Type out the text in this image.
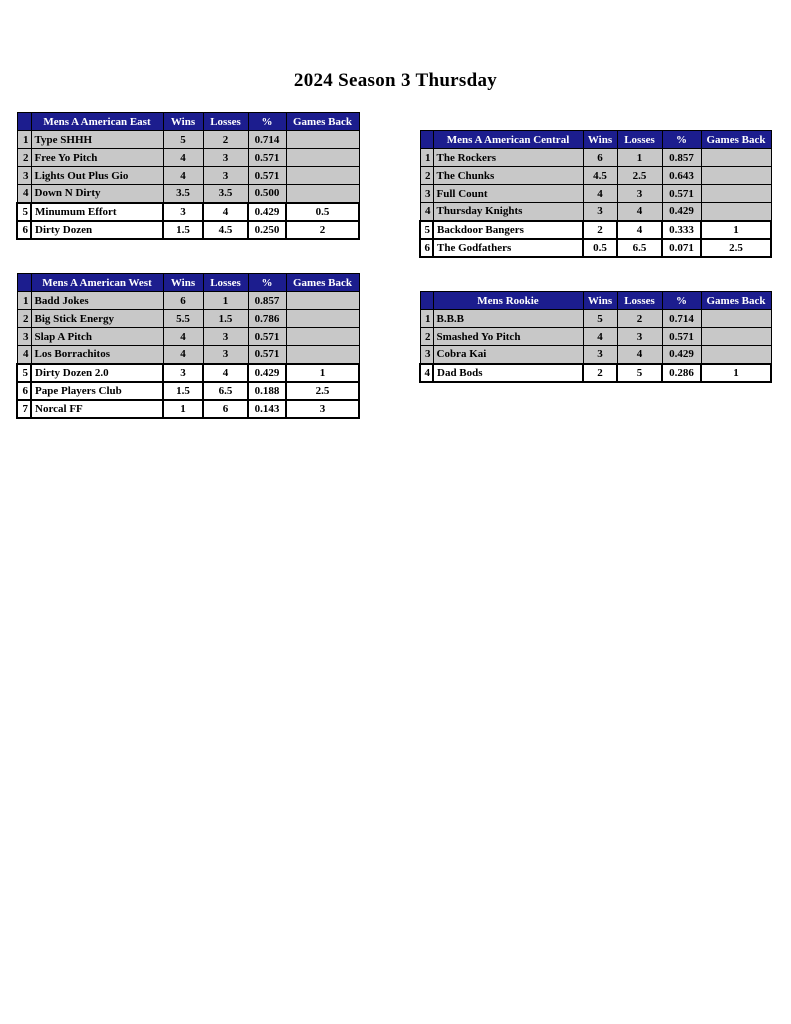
2024 Season 3 Thursday
	Mens A American East	Wins	Losses	%	Games Back
1	Type SHHH	5	2	0.714	
2	Free Yo Pitch	4	3	0.571	
3	Lights Out Plus Gio	4	3	0.571	
4	Down N Dirty	3.5	3.5	0.500	
5	Minumum Effort	3	4	0.429	0.5
6	Dirty Dozen	1.5	4.5	0.250	2
	Mens A American Central	Wins	Losses	%	Games Back
1	The Rockers	6	1	0.857	
2	The Chunks	4.5	2.5	0.643	
3	Full Count	4	3	0.571	
4	Thursday Knights	3	4	0.429	
5	Backdoor Bangers	2	4	0.333	1
6	The Godfathers	0.5	6.5	0.071	2.5
	Mens A American West	Wins	Losses	%	Games Back
1	Badd Jokes	6	1	0.857	
2	Big Stick Energy	5.5	1.5	0.786	
3	Slap A Pitch	4	3	0.571	
4	Los Borrachitos	4	3	0.571	
5	Dirty Dozen 2.0	3	4	0.429	1
6	Pape Players Club	1.5	6.5	0.188	2.5
7	Norcal FF	1	6	0.143	3
	Mens Rookie	Wins	Losses	%	Games Back
1	B.B.B	5	2	0.714	
2	Smashed Yo Pitch	4	3	0.571	
3	Cobra Kai	3	4	0.429	
4	Dad Bods	2	5	0.286	1
